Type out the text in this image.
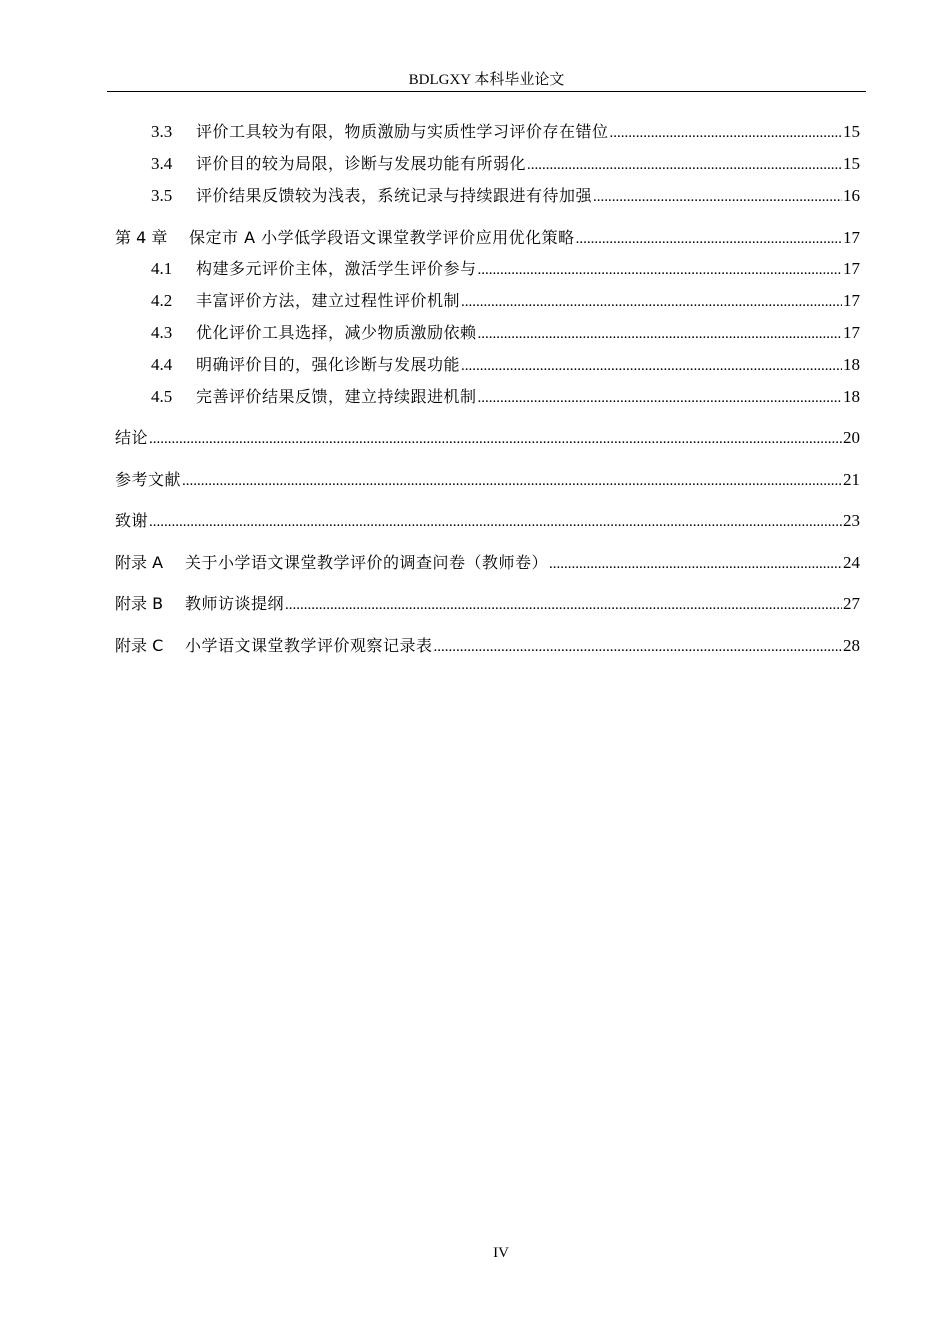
BDLGXY 本科毕业论文
3.3	评价工具较为有限，物质激励与实质性学习评价存在错位 .....	15
3.4	评价目的较为局限，诊断与发展功能有所弱化 .....	15
3.5	评价结果反馈较为浅表，系统记录与持续跟进有待加强 .....	16
第 4 章	保定市 A 小学低学段语文课堂教学评价应用优化策略 .....	17
4.1	构建多元评价主体，激活学生评价参与 .....	17
4.2	丰富评价方法，建立过程性评价机制 .....	17
4.3	优化评价工具选择，减少物质激励依赖 .....	17
4.4	明确评价目的，强化诊断与发展功能 .....	18
4.5	完善评价结果反馈，建立持续跟进机制 .....	18
结论 .....	20
参考文献 .....	21
致谢 .....	23
附录 A	关于小学语文课堂教学评价的调查问卷（教师卷） .....	24
附录 B	教师访谈提纲 .....	27
附录 C	小学语文课堂教学评价观察记录表 .....	28
IV
